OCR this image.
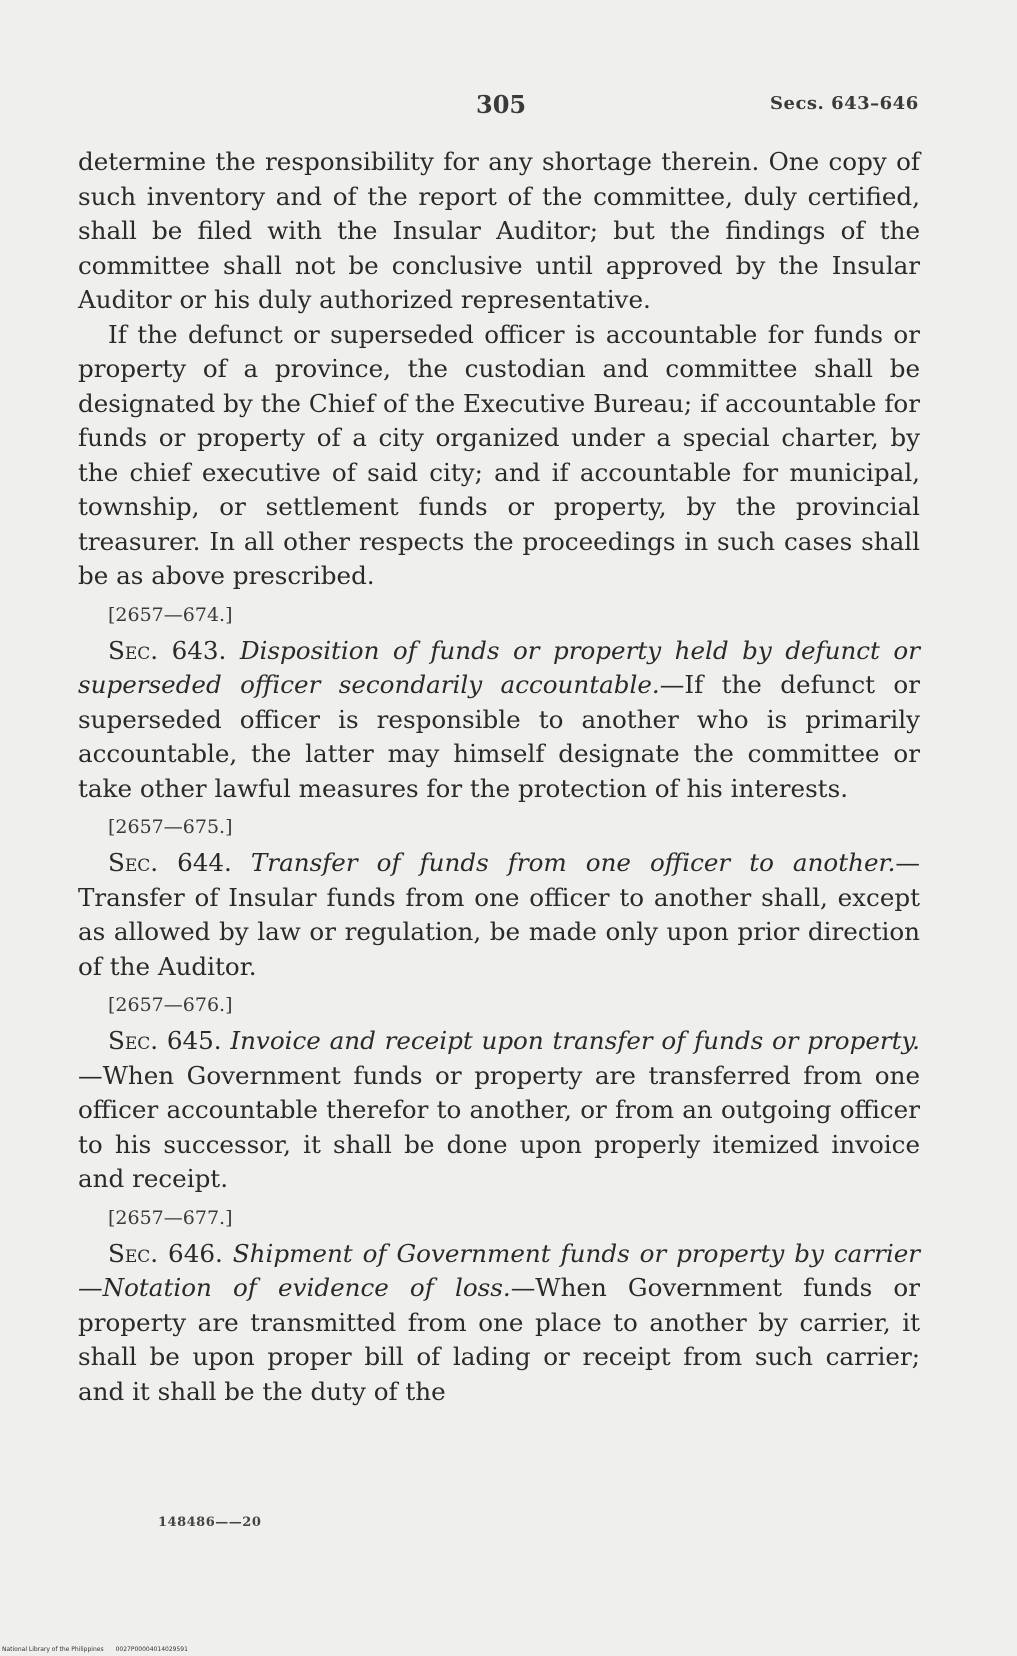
305	Secs. 643–646

determine the responsibility for any shortage therein. One copy of such inventory and of the report of the committee, duly certified, shall be filed with the Insular Auditor; but the findings of the committee shall not be conclusive until approved by the Insular Auditor or his duly authorized representative.

If the defunct or superseded officer is accountable for funds or property of a province, the custodian and committee shall be designated by the Chief of the Executive Bureau; if accountable for funds or property of a city organized under a special charter, by the chief executive of said city; and if accountable for municipal, township, or settlement funds or property, by the provincial treasurer. In all other respects the proceedings in such cases shall be as above prescribed.

[2657—674.]

Sec. 643. Disposition of funds or property held by defunct or superseded officer secondarily accountable.—If the defunct or superseded officer is responsible to another who is primarily accountable, the latter may himself designate the committee or take other lawful measures for the protection of his interests.

[2657—675.]

Sec. 644. Transfer of funds from one officer to another.—Transfer of Insular funds from one officer to another shall, except as allowed by law or regulation, be made only upon prior direction of the Auditor.

[2657—676.]

Sec. 645. Invoice and receipt upon transfer of funds or property.—When Government funds or property are transferred from one officer accountable therefor to another, or from an outgoing officer to his successor, it shall be done upon properly itemized invoice and receipt.

[2657—677.]

Sec. 646. Shipment of Government funds or property by carrier—Notation of evidence of loss.—When Government funds or property are transmitted from one place to another by carrier, it shall be upon proper bill of lading or receipt from such carrier; and it shall be the duty of the

148486——20
National Library of the Philippines 0027P00004014029591
